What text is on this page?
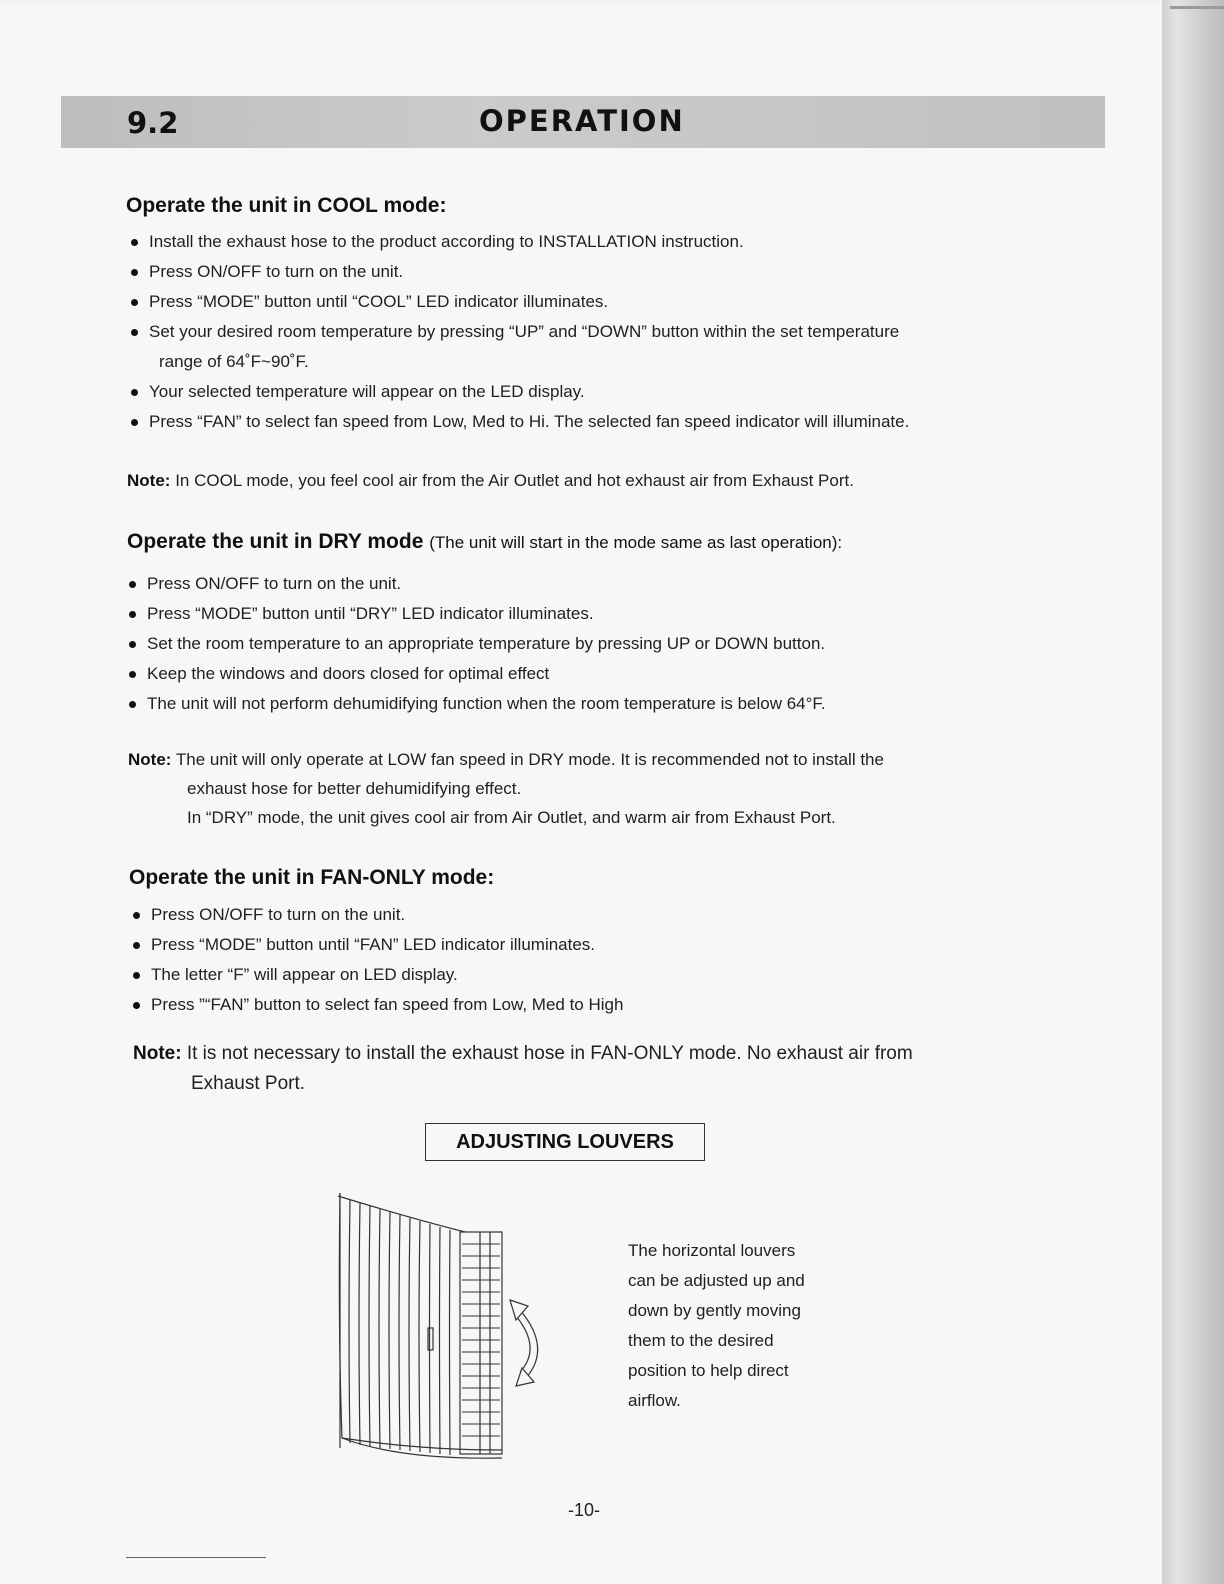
9.2	OPERATION
Operate the unit in COOL mode:
Install the exhaust hose to the product according to INSTALLATION instruction.
Press ON/OFF to turn on the unit.
Press “MODE” button until “COOL” LED indicator illuminates.
Set your desired room temperature by pressing “UP” and “DOWN” button within the set temperature
range of 64˚F~90˚F.
Your selected temperature will appear on the LED display.
Press “FAN” to select fan speed from Low, Med to Hi. The selected fan speed indicator will illuminate.
Note: In COOL mode, you feel cool air from the Air Outlet and hot exhaust air from Exhaust Port.
Operate the unit in DRY mode (The unit will start in the mode same as last operation):
Press ON/OFF to turn on the unit.
Press “MODE” button until “DRY” LED indicator illuminates.
Set the room temperature to an appropriate temperature by pressing UP or DOWN button.
Keep the windows and doors closed for optimal effect
The unit will not perform dehumidifying function when the room temperature is below 64°F.
Note: The unit will only operate at LOW fan speed in DRY mode. It is recommended not to install the
exhaust hose for better dehumidifying effect.
In “DRY” mode, the unit gives cool air from Air Outlet, and warm air from Exhaust Port.
Operate the unit in FAN-ONLY mode:
Press ON/OFF to turn on the unit.
Press “MODE” button until “FAN” LED indicator illuminates.
The letter “F” will appear on LED display.
Press ”“FAN” button to select fan speed from Low, Med to High
Note: It is not necessary to install the exhaust hose in FAN-ONLY mode. No exhaust air from
Exhaust Port.
ADJUSTING LOUVERS
The horizontal louvers
can be adjusted up and
down by gently moving
them to the desired
position to help direct
airflow.
-10-
